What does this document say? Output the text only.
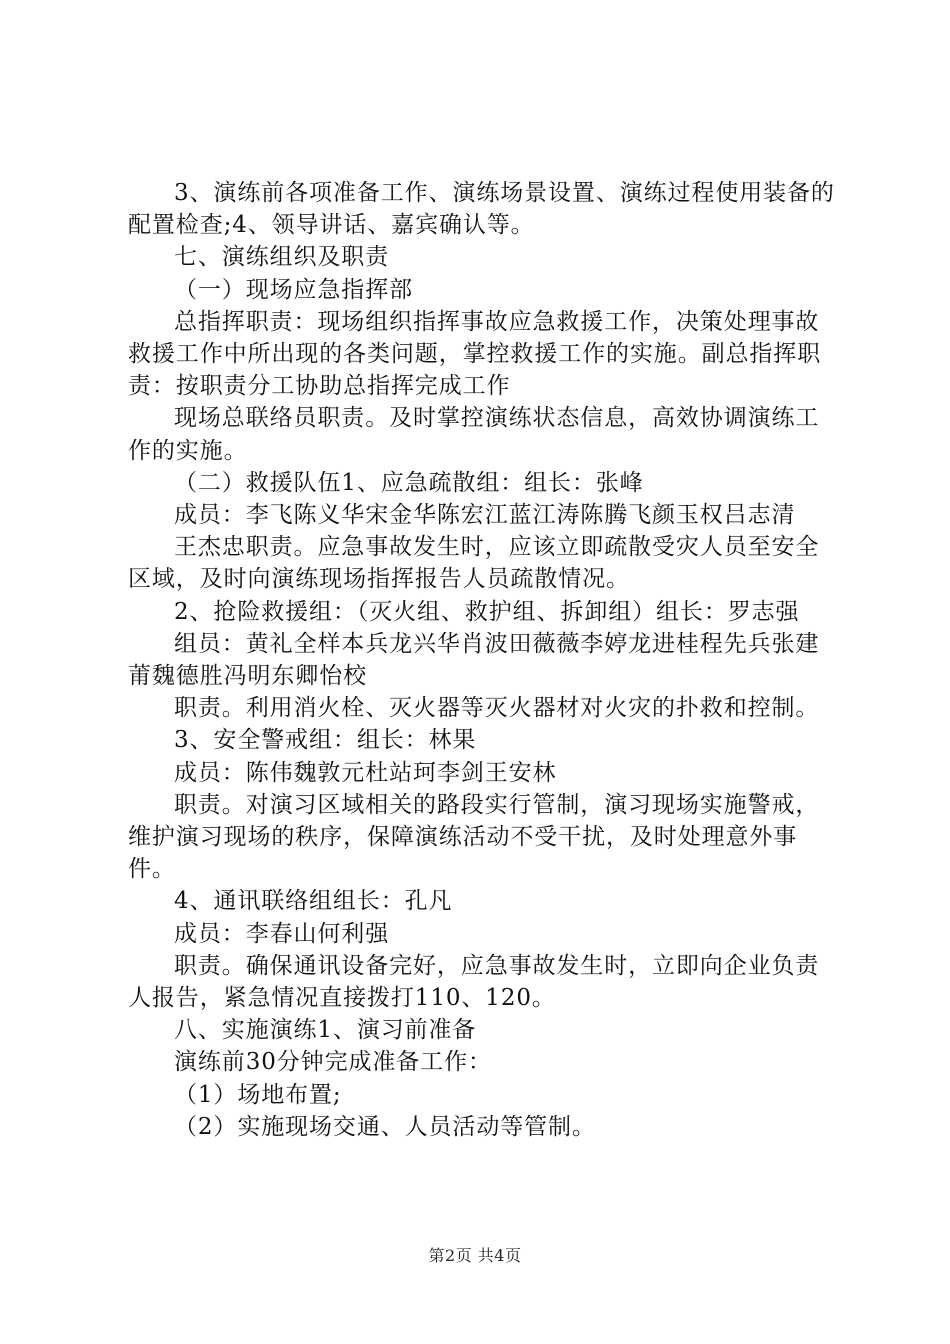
3、演练前各项准备工作、演练场景设置、演练过程使用装备的配置检查;4、领导讲话、嘉宾确认等。

七、演练组织及职责

（一）现场应急指挥部

总指挥职责：现场组织指挥事故应急救援工作，决策处理事故救援工作中所出现的各类问题，掌控救援工作的实施。副总指挥职责：按职责分工协助总指挥完成工作

现场总联络员职责。及时掌控演练状态信息，高效协调演练工作的实施。

（二）救援队伍1、应急疏散组：组长：张峰

成员：李飞陈义华宋金华陈宏江蓝江涛陈腾飞颜玉权吕志清

王杰忠职责。应急事故发生时，应该立即疏散受灾人员至安全区域，及时向演练现场指挥报告人员疏散情况。

2、抢险救援组：（灭火组、救护组、拆卸组）组长：罗志强

组员：黄礼全样本兵龙兴华肖波田薇薇李婷龙进桂程先兵张建莆魏德胜冯明东卿怡校

职责。利用消火栓、灭火器等灭火器材对火灾的扑救和控制。

3、安全警戒组：组长：林果

成员：陈伟魏敦元杜站珂李剑王安林

职责。对演习区域相关的路段实行管制，演习现场实施警戒，维护演习现场的秩序，保障演练活动不受干扰，及时处理意外事件。

4、通讯联络组组长：孔凡

成员：李春山何利强

职责。确保通讯设备完好，应急事故发生时，立即向企业负责人报告，紧急情况直接拨打110、120。

八、实施演练1、演习前准备

演练前30分钟完成准备工作：

（1）场地布置;

（2）实施现场交通、人员活动等管制。

第2页 共4页
